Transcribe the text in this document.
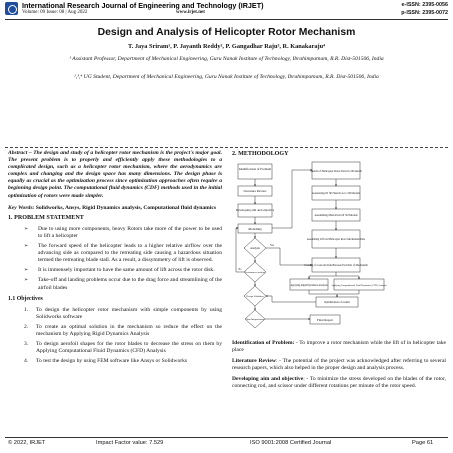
International Research Journal of Engineering and Technology (IRJET)
Volume: 09 Issue: 08 | Aug 2022	www.irjet.net
e-ISSN: 2395-0056
p-ISSN: 2395-0072
Design and Analysis of Helicopter Rotor Mechanism
T. Jaya Sriram¹, P. Jayanth Reddy², P. Gangadhar Raju³, R. Kanakaraju⁴
¹ Assistant Professor, Department of Mechanical Engineering, Guru Nanak Institute of Technology, Ibrahimpatnam, R.R. Dist-501506, India
²,³,⁴ UG Student, Department of Mechanical Engineering, Guru Nanak Institute of Technology, Ibrahimpatnam, R.R. Dist-501506, India
Abstract – The design and study of a helicopter rotor mechanism is the project's major goal. The present problem is to properly and efficiently apply these methodologies to a complicated design, such as a helicopter rotor mechanism, where the aerodynamics are complex and changing and the design space has many dimensions. The design phase is equally as crucial as the optimization process since optimization approaches often require a beginning design point. The computational fluid dynamics (CDF) methods used in the initial optimization of rotors were made simpler.
Key Words: Solidworks, Ansys, Rigid Dynamics analysis, Computational fluid dynamics
1. PROBLEM STATEMENT
➢ Due to using more components, heavy Rotors take more of the power to be used to lift a helicopter
➢ The forward speed of the helicopter leads to a higher relative airflow over the advancing side as compared to the retreating side causing a hazardous situation termed the retreating blade stall. As a result, a dissymmetry of lift is observed.
➢ It is immensely important to have the same amount of lift across the rotor disk.
➢ Take-off and landing problems occur due to the drag force and streamlining of the airfoil blades
1.1 Objectives
1. To design the helicopter rotor mechanism with simple components by using Solidworks software
2. To create an optimal solution in the mechanism so reduce the effect on the mechanism by Applying Rigid Dynamics Analysis
3. To design aerofoil shapes for the rotor blades to decrease the stress on them by Applying Computational Fluid Dynamics (CFD) Analysis
4. To test the design by using FEM software like Ansys or Solidworks
2. METHODOLOGY
Identification of Problem
Literature Review
Developing aim and objective
Modelling
Analysis
Performance analysis
Design Validation
Data Interpretation	Final Report
Sketch of Helicopter Rotor Parts in 2D sketch
Generating Of 3D Sketch as to 3D Models
Assembling Main Parts Of 3D Models
Assembling Of Total Helicopter Rotor Mechanism Parts
Creating of Load and Link Between Each Part of Mechanism
Applying Rigid Dynamics Analysis Applying Computational Fluid Dynamics (CFD) Analysis
Optimization of results
Yes
No
Identification of Problem: - To improve a rotor mechanism while the lift of in helicopter take place
Literature Review: - The potential of the project was acknowledged after referring to several research papers, which also helped in the proper design and analysis process.
Developing aim and objective: - To minimize the stress developed on the blades of the rotor, connecting rod, and scissor under different rotations per minute of the rotor speed.
© 2022, IRJET	Impact Factor value: 7.529	ISO 9001:2008 Certified Journal	Page 61
